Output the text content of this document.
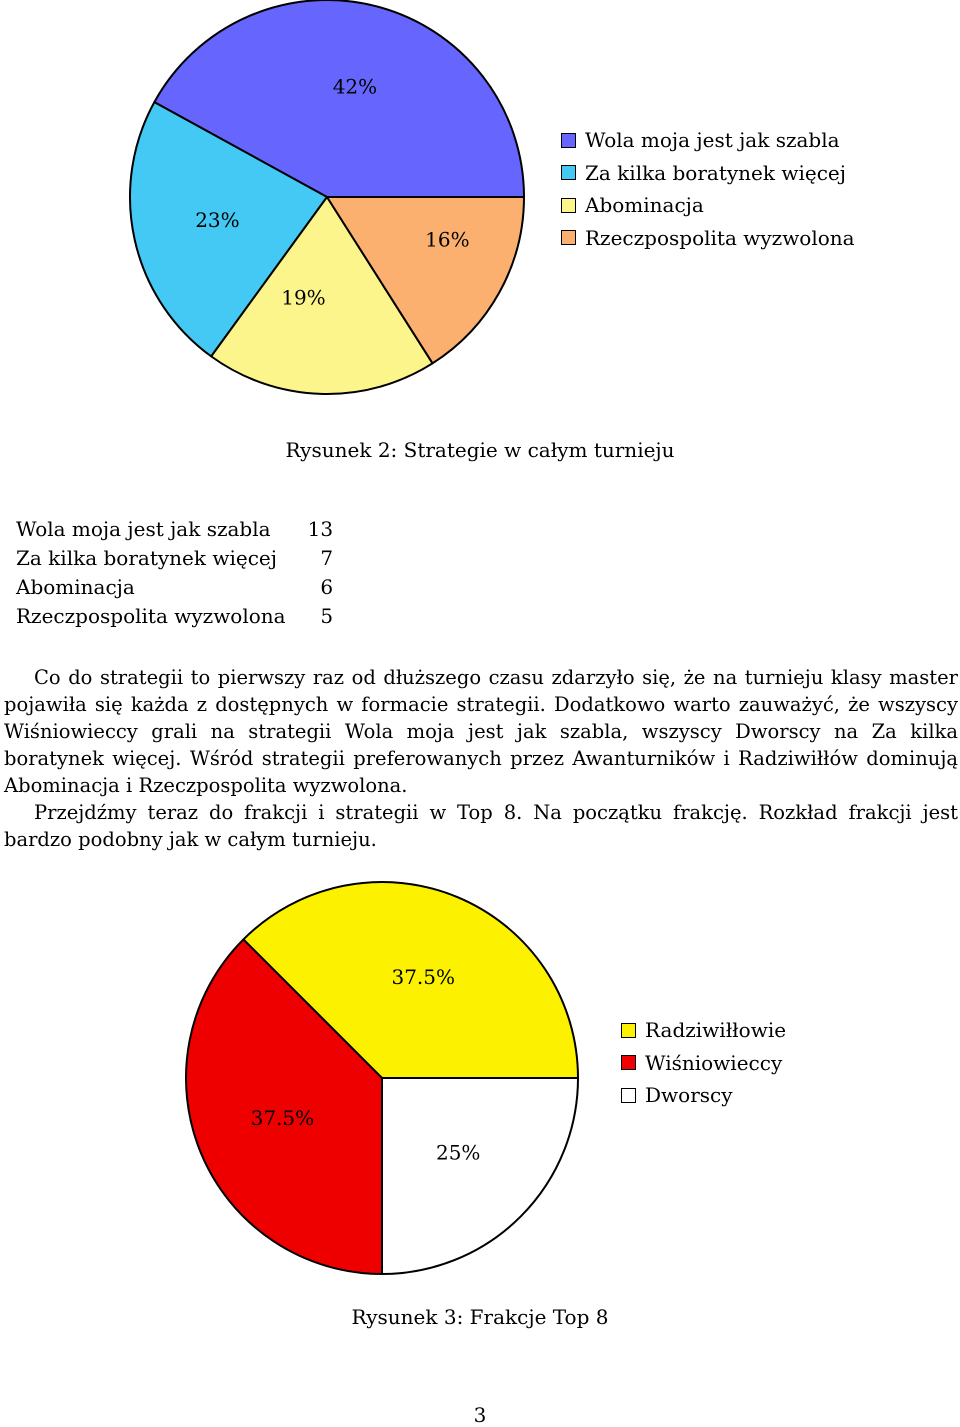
42%
23%
19%
16%
Wola moja jest jak szabla
Za kilka boratynek więcej
Abominacja
Rzeczpospolita wyzwolona
Rysunek 2: Strategie w całym turnieju
Wola moja jest jak szabla	13
Za kilka boratynek więcej	7
Abominacja	6
Rzeczpospolita wyzwolona	5

Co do strategii to pierwszy raz od dłuższego czasu zdarzyło się, że na turnieju klasy master pojawiła się każda z dostępnych w formacie strategii. Dodatkowo warto zauważyć, że wszyscy Wiśniowieccy grali na strategii Wola moja jest jak szabla, wszyscy Dworscy na Za kilka boratynek więcej. Wśród strategii preferowanych przez Awanturników i Radziwiłłów dominują Abominacja i Rzeczpospolita wyzwolona.

Przejdźmy teraz do frakcji i strategii w Top 8. Na początku frakcję. Rozkład frakcji jest bardzo podobny jak w całym turnieju.

37.5%
37.5%
25%
Radziwiłłowie
Wiśniowieccy
Dworscy
Rysunek 3: Frakcje Top 8
3
